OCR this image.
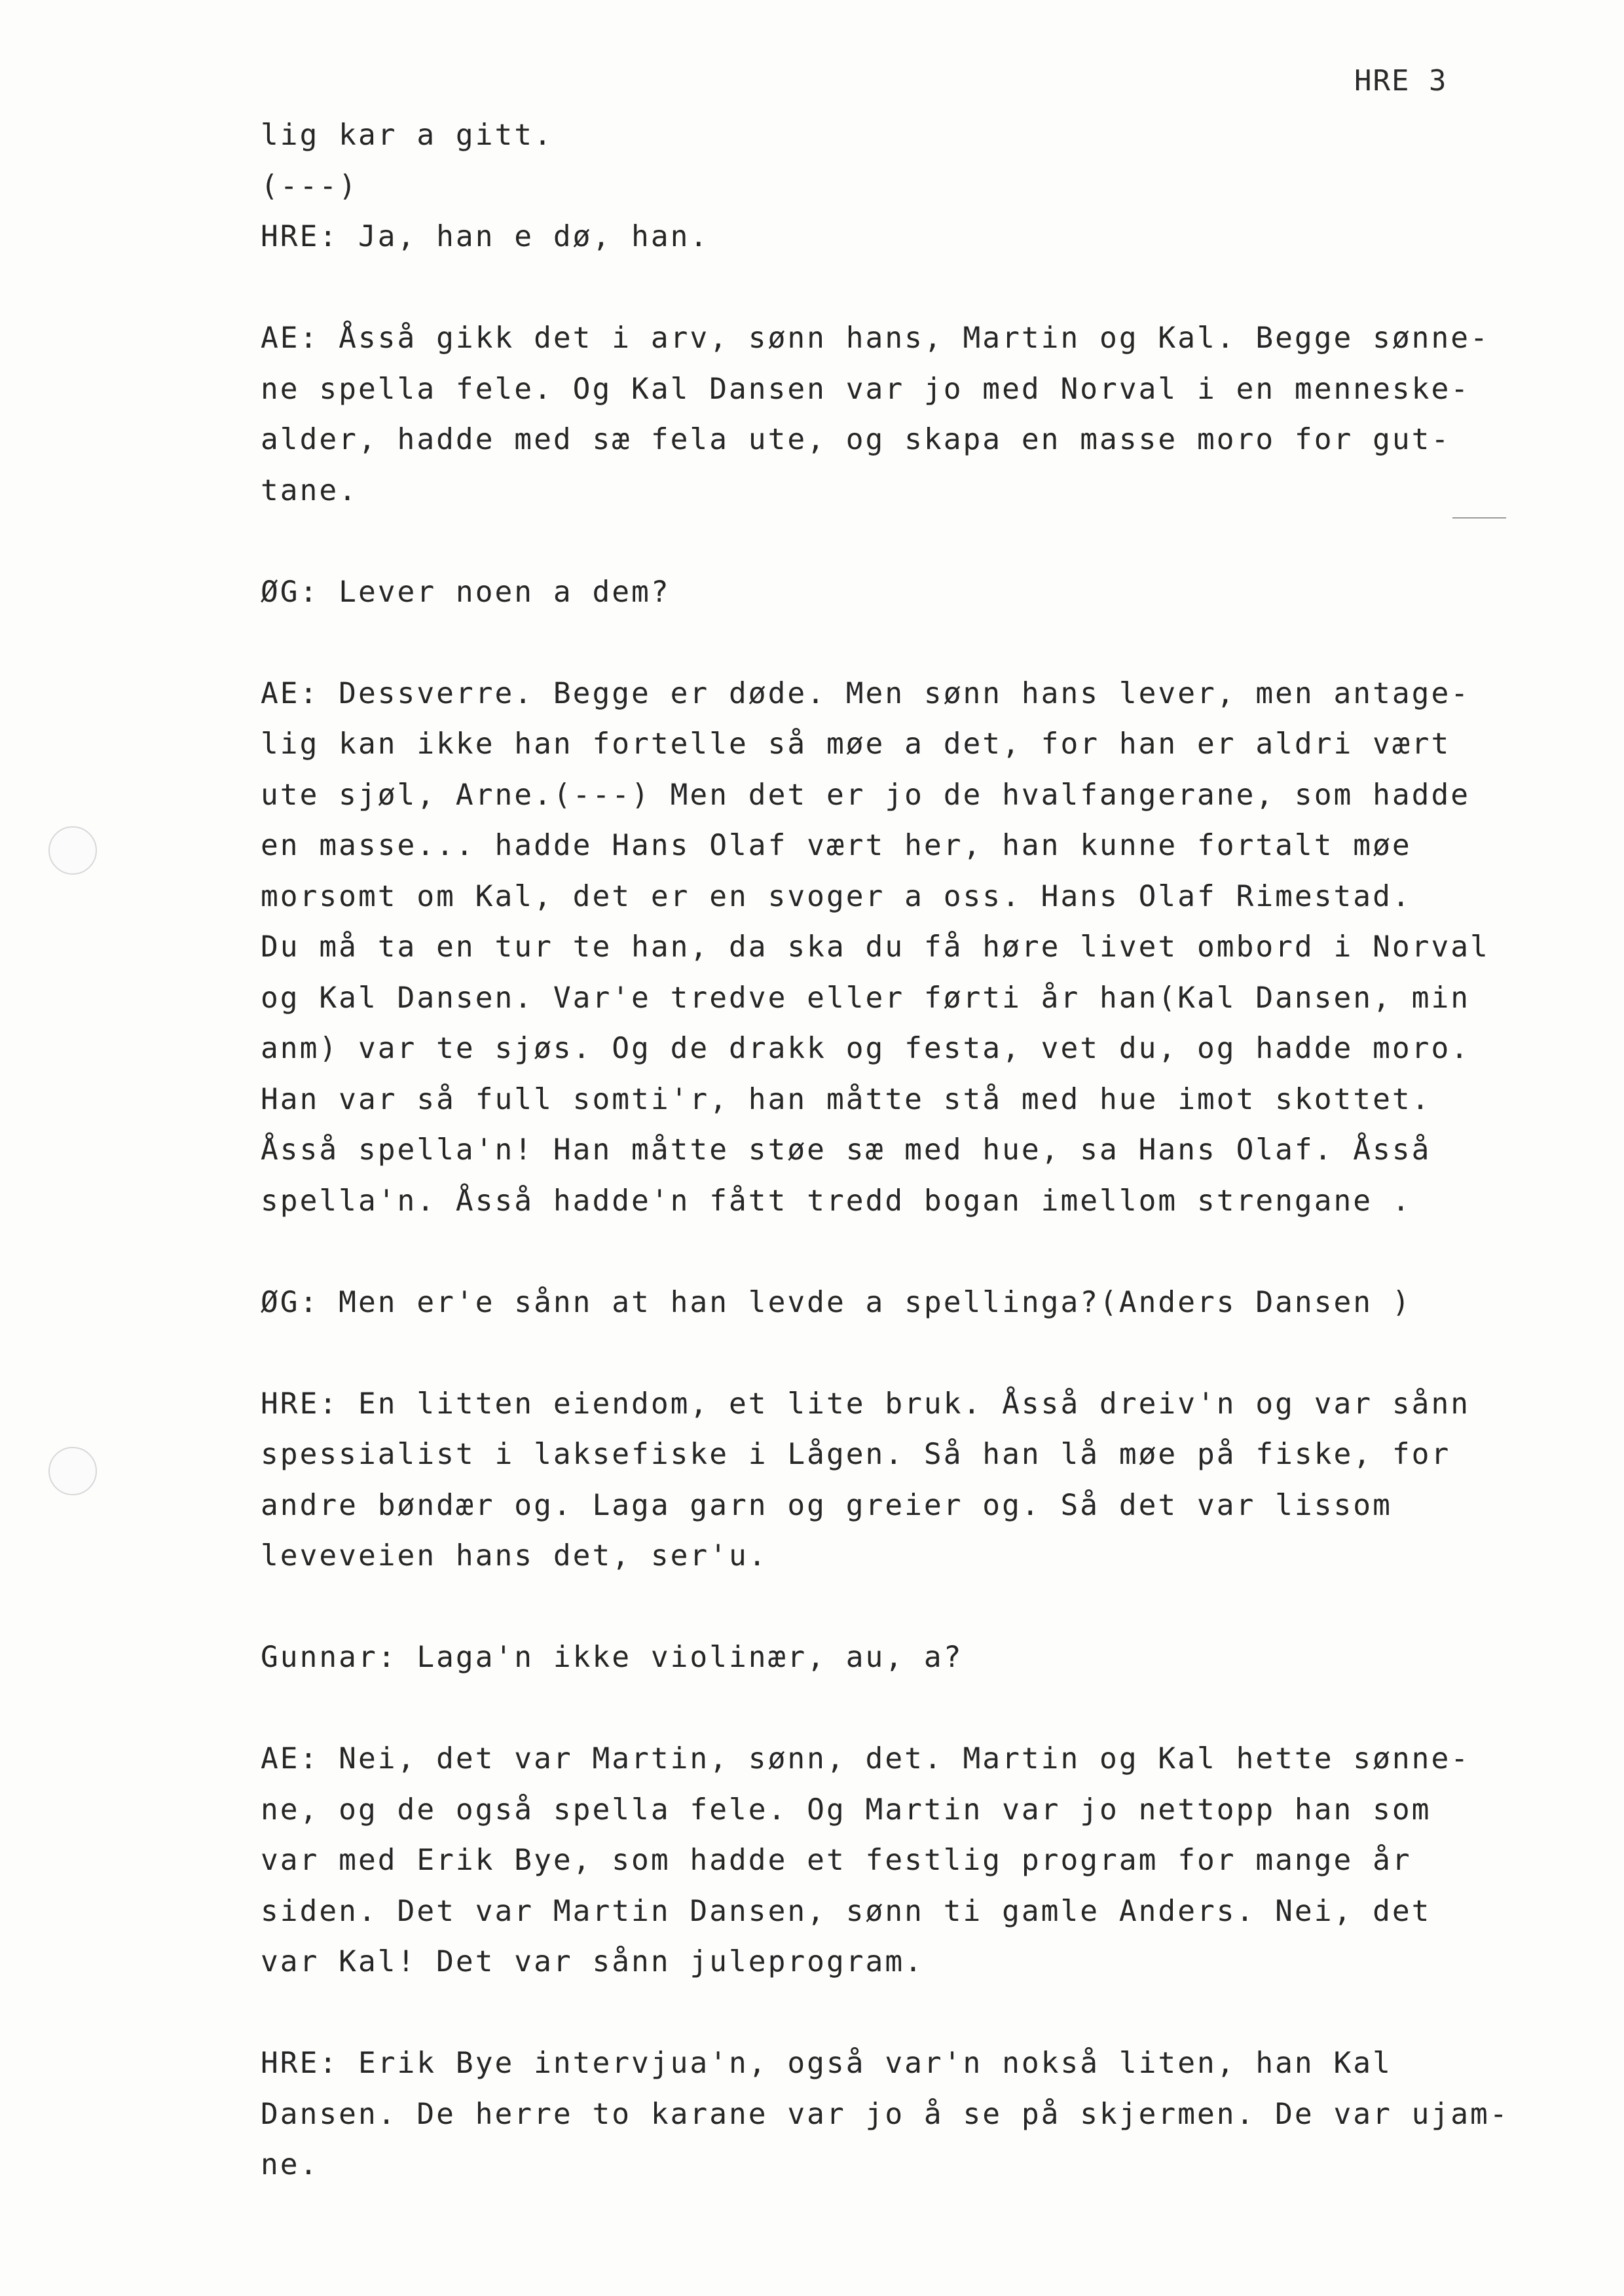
HRE 3
lig kar a gitt.
(---)
HRE: Ja, han e dø, han.
AE: Åsså gikk det i arv, sønn hans, Martin og Kal. Begge sønne-
ne spella fele. Og Kal Dansen var jo med Norval i en menneske-
alder, hadde med sæ fela ute, og skapa en masse moro for gut-
tane.
ØG: Lever noen a dem?
AE: Dessverre. Begge er døde. Men sønn hans lever, men antage-
lig kan ikke han fortelle så møe a det, for han er aldri vært
ute sjøl, Arne.(---) Men det er jo de hvalfangerane, som hadde
en masse... hadde Hans Olaf vært her, han kunne fortalt møe
morsomt om Kal, det er en svoger a oss. Hans Olaf Rimestad.
Du må ta en tur te han, da ska du få høre livet ombord i Norval
og Kal Dansen. Var'e tredve eller førti år han(Kal Dansen, min
anm) var te sjøs. Og de drakk og festa, vet du, og hadde moro.
Han var så full somti'r, han måtte stå med hue imot skottet.
Åsså spella'n! Han måtte støe sæ med hue, sa Hans Olaf. Åsså
spella'n. Åsså hadde'n fått tredd bogan imellom strengane .
ØG: Men er'e sånn at han levde a spellinga?(Anders Dansen )
HRE: En litten eiendom, et lite bruk. Åsså dreiv'n og var sånn
spessialist i laksefiske i Lågen. Så han lå møe på fiske, for
andre bøndær og. Laga garn og greier og. Så det var lissom
leveveien hans det, ser'u.
Gunnar: Laga'n ikke violinær, au, a?
AE: Nei, det var Martin, sønn, det. Martin og Kal hette sønne-
ne, og de også spella fele. Og Martin var jo nettopp han som
var med Erik Bye, som hadde et festlig program for mange år
siden. Det var Martin Dansen, sønn ti gamle Anders. Nei, det
var Kal! Det var sånn juleprogram.
HRE: Erik Bye intervjua'n, også var'n nokså liten, han Kal
Dansen. De herre to karane var jo å se på skjermen. De var ujam-
ne.
